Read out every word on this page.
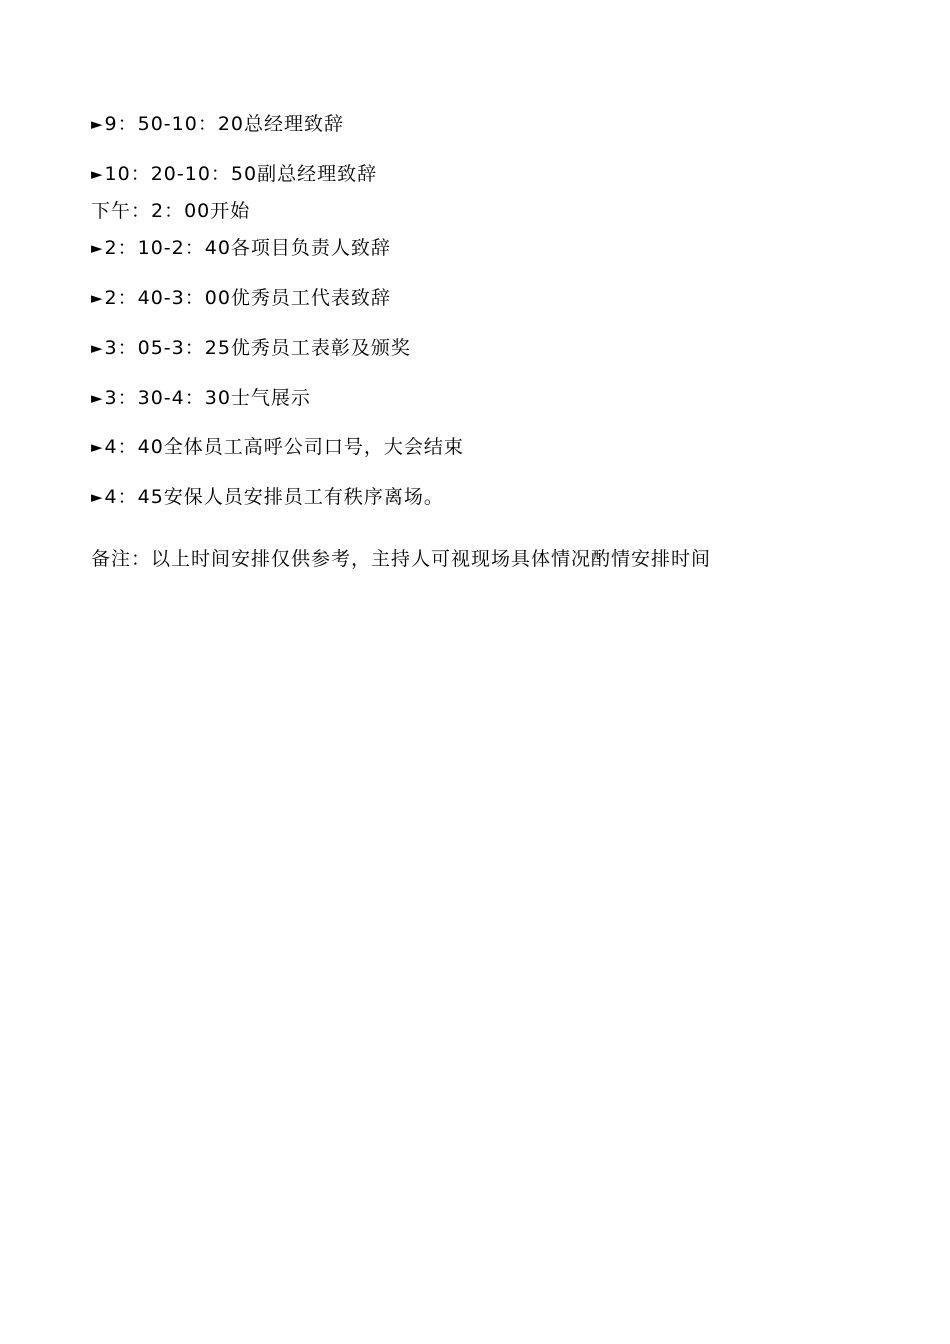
►9：50-10：20总经理致辞
►10：20-10：50副总经理致辞
下午：2：00开始
►2：10-2：40各项目负责人致辞
►2：40-3：00优秀员工代表致辞
►3：05-3：25优秀员工表彰及颁奖
►3：30-4：30士气展示
►4：40全体员工高呼公司口号，大会结束
►4：45安保人员安排员工有秩序离场。
备注：以上时间安排仅供参考，主持人可视现场具体情况酌情安排时间
